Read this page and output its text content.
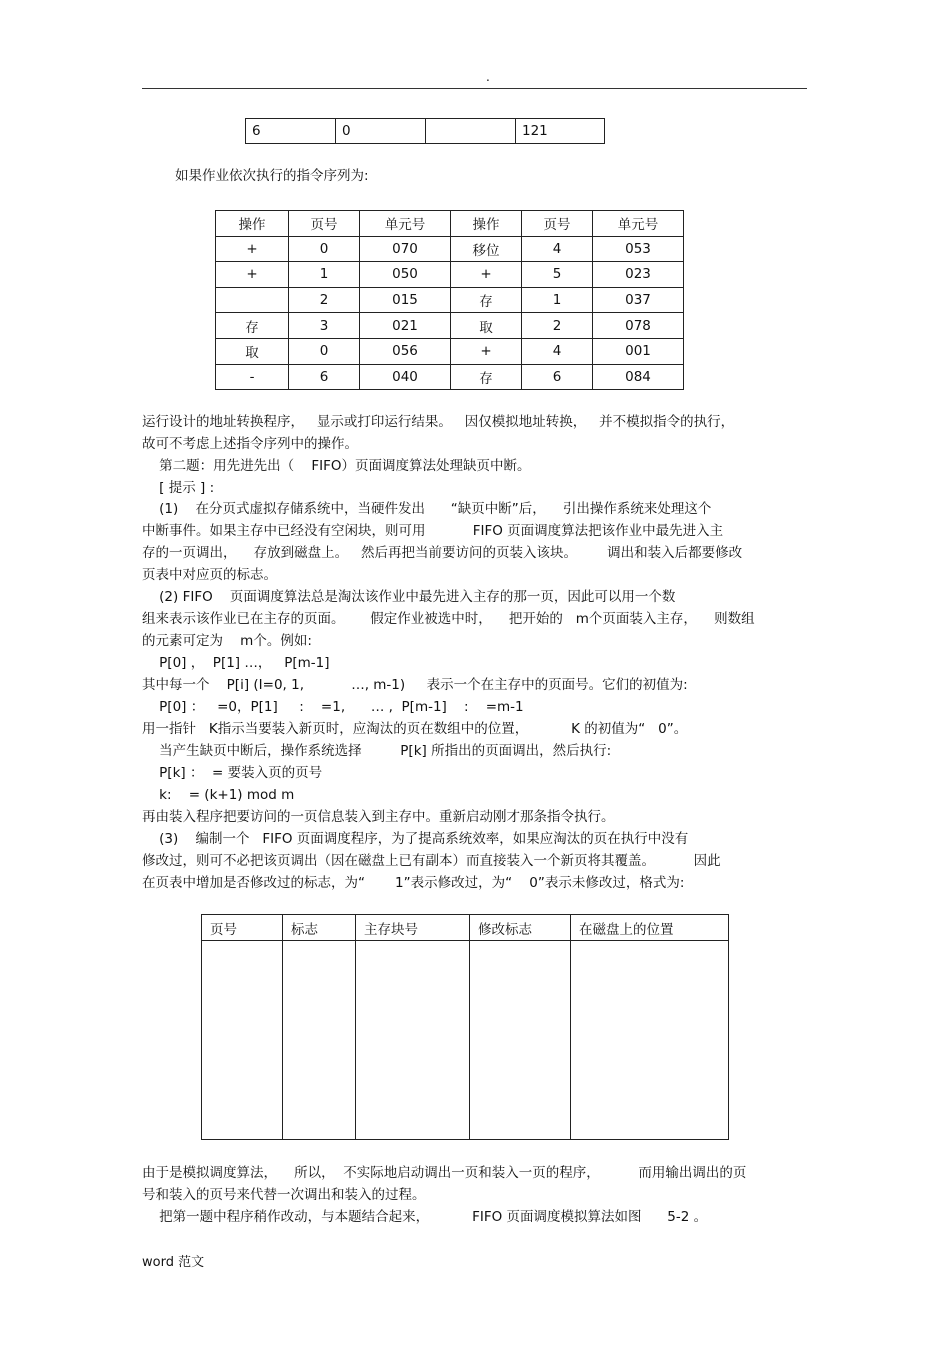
.
6	0		121
如果作业依次执行的指令序列为:
操作	页号	单元号	操作	页号	单元号
+	0	070	移位	4	053
+	1	050	+	5	023
	2	015	存	1	037
存	3	021	取	2	078
取	0	056	+	4	001
-	6	040	存	6	084
运行设计的地址转换程序，   显示或打印运行结果。   因仅模拟地址转换，   并不模拟指令的执行，
故可不考虑上述指令序列中的操作。
第二题：用先进先出（    FIFO）页面调度算法处理缺页中断。
[ 提示 ] :
(1)    在分页式虚拟存储系统中，当硬件发出      “缺页中断”后，    引出操作系统来处理这个
中断事件。如果主存中已经没有空闲块，则可用           FIFO 页面调度算法把该作业中最先进入主
存的一页调出，    存放到磁盘上。   然后再把当前要访问的页装入该块。       调出和装入后都要修改
页表中对应页的标志。
(2) FIFO    页面调度算法总是淘汰该作业中最先进入主存的那一页，因此可以用一个数
组来表示该作业已在主存的页面。      假定作业被选中时，    把开始的   m个页面装入主存，    则数组
的元素可定为    m个。例如:
P[0] ，  P[1] …，   P[m-1]
其中每一个    P[i] (I=0, 1,           …, m-1)     表示一个在主存中的页面号。它们的初值为:
P[0] ：   =0，P[1]     :    =1,      … ,  P[m-1]    :    =m-1
用一指针   K指示当要装入新页时，应淘汰的页在数组中的位置，          K 的初值为“   0”。
当产生缺页中断后，操作系统选择         P[k] 所指出的页面调出，然后执行:
P[k] ：  = 要装入页的页号
k:    = (k+1) mod m
再由装入程序把要访问的一页信息装入到主存中。重新启动刚才那条指令执行。
(3)    编制一个   FIFO 页面调度程序，为了提高系统效率，如果应淘汰的页在执行中没有
修改过，则可不必把该页调出（因在磁盘上已有副本）而直接装入一个新页将其覆盖。         因此
在页表中增加是否修改过的标志，为“       1”表示修改过，为“    0”表示未修改过，格式为:
页号	标志	主存块号	修改标志	在磁盘上的位置

由于是模拟调度算法，    所以，  不实际地启动调出一页和装入一页的程序，         而用输出调出的页
号和装入的页号来代替一次调出和装入的过程。
把第一题中程序稍作改动，与本题结合起来，          FIFO 页面调度模拟算法如图      5-2 。
word 范文
